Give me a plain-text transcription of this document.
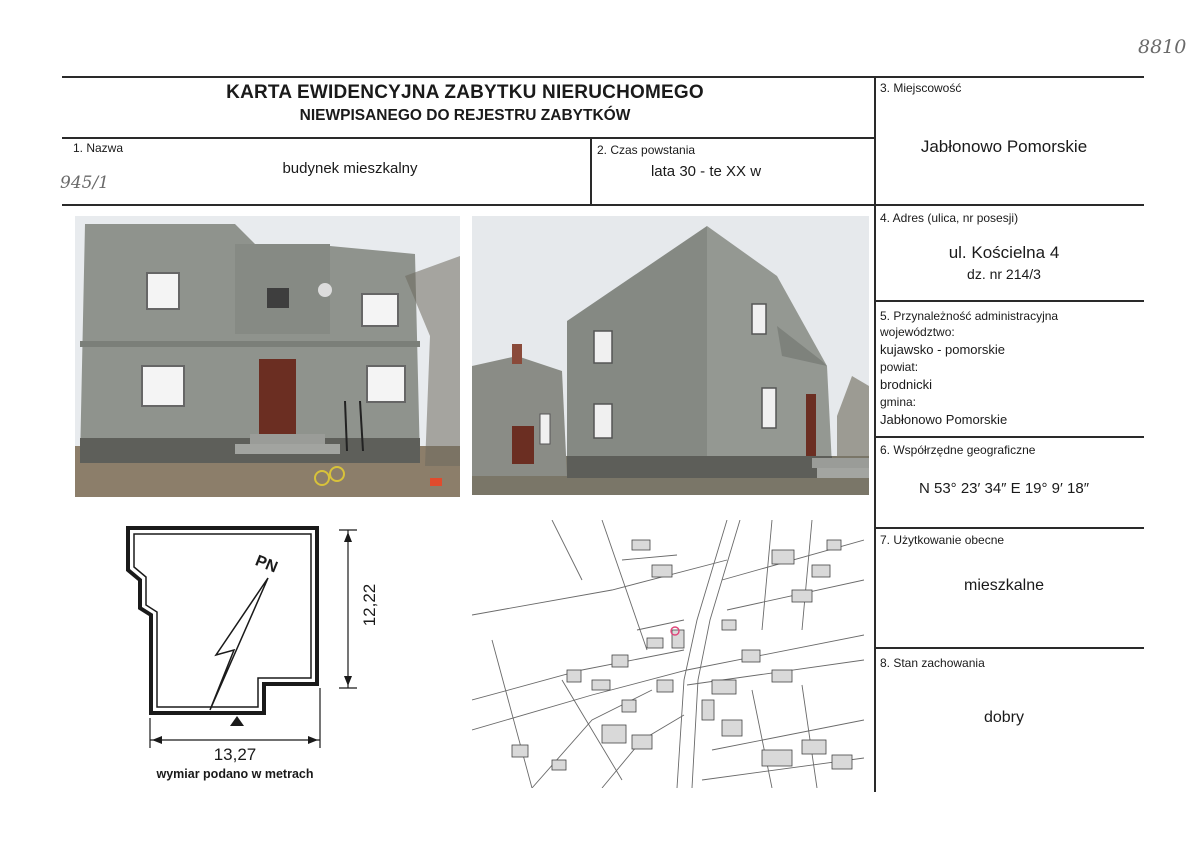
8810
945/1
KARTA EWIDENCYJNA ZABYTKU NIERUCHOMEGO
NIEWPISANEGO DO REJESTRU ZABYTKÓW
1. Nazwa
budynek mieszkalny
2. Czas powstania
lata 30 - te XX w
3. Miejscowość
Jabłonowo Pomorskie
4. Adres (ulica, nr posesji)
ul. Kościelna 4
dz. nr 214/3
5. Przynależność administracyjna
województwo:
kujawsko - pomorskie
powiat:
brodnicki
gmina:
Jabłonowo Pomorskie
6. Współrzędne geograficzne
N 53° 23′ 34″ E 19° 9′ 18″
7. Użytkowanie obecne
mieszkalne
8. Stan zachowania
dobry
PN
12,22
13,27
wymiar podano w metrach
